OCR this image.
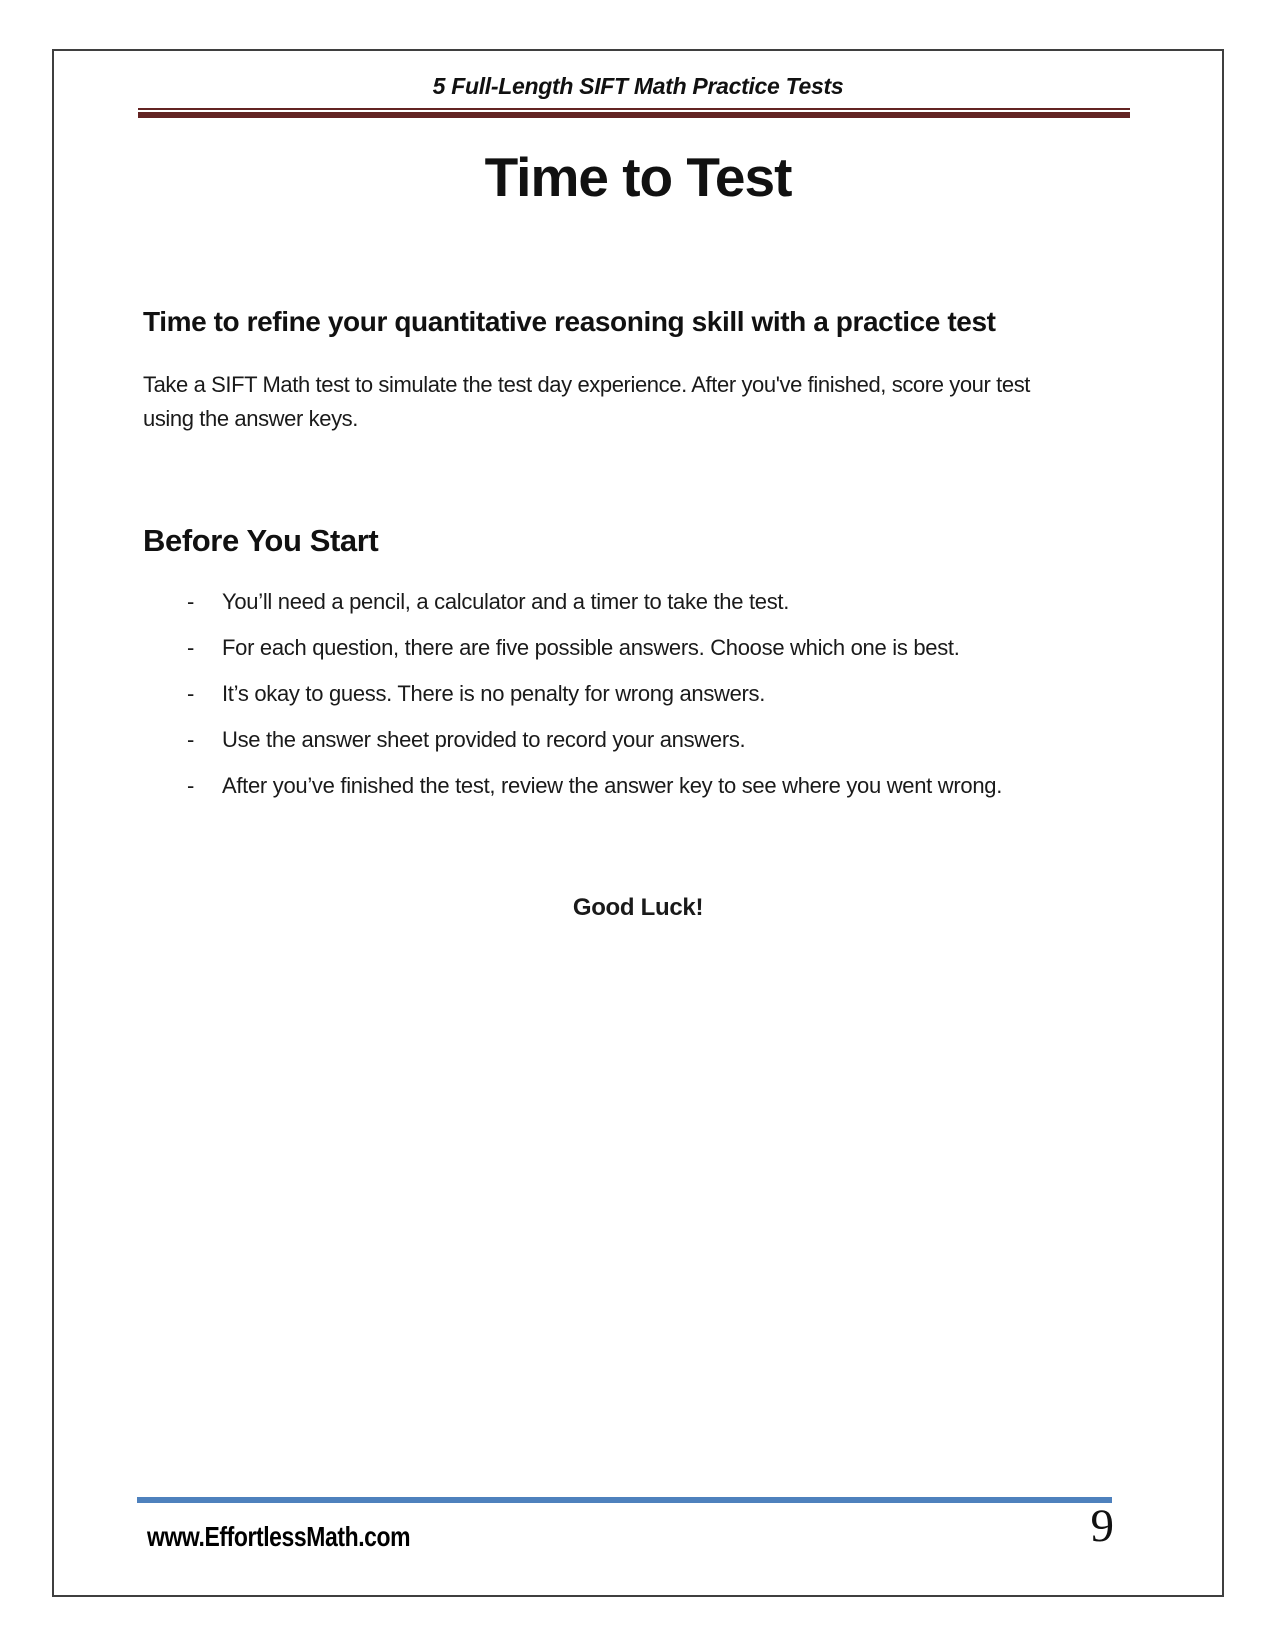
5 Full-Length SIFT Math Practice Tests
Time to Test
Time to refine your quantitative reasoning skill with a practice test
Take a SIFT Math test to simulate the test day experience. After you've finished, score your test
using the answer keys.
Before You Start
-	You’ll need a pencil, a calculator and a timer to take the test.
-	For each question, there are five possible answers. Choose which one is best.
-	It’s okay to guess. There is no penalty for wrong answers.
-	Use the answer sheet provided to record your answers.
-	After you’ve finished the test, review the answer key to see where you went wrong.
Good Luck!
www.EffortlessMath.com	9
